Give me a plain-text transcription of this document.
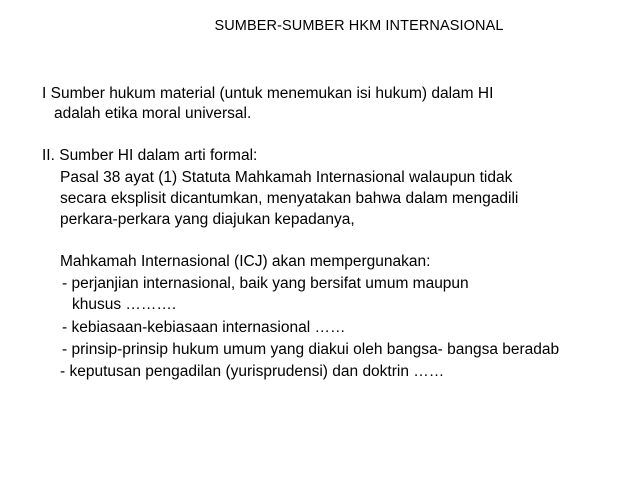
SUMBER-SUMBER HKM INTERNASIONAL
I Sumber hukum material (untuk menemukan isi hukum) dalam HI
adalah etika moral universal.
II. Sumber HI dalam arti formal:
Pasal 38 ayat (1) Statuta Mahkamah Internasional walaupun tidak
secara eksplisit dicantumkan, menyatakan bahwa dalam mengadili
perkara-perkara yang diajukan kepadanya,
Mahkamah Internasional (ICJ) akan mempergunakan:
- perjanjian internasional, baik yang bersifat umum maupun
khusus ……….
- kebiasaan-kebiasaan internasional ……
- prinsip-prinsip hukum umum yang diakui oleh bangsa- bangsa beradab
- keputusan pengadilan (yurisprudensi) dan doktrin ……
